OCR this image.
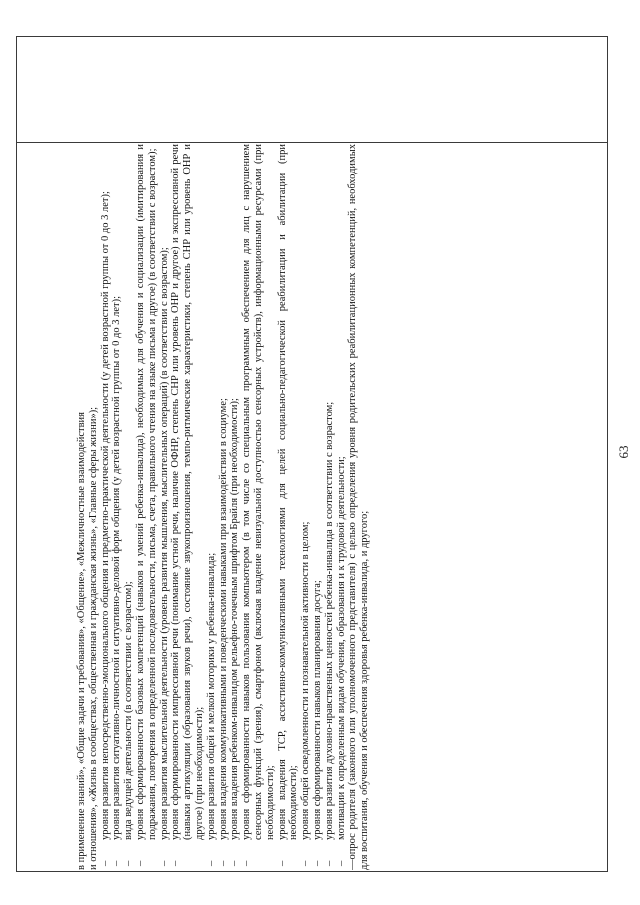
63

в применение знаний», «Общие задачи и требования», «Общение», «Межличностные взаимодействия и отношения», «Жизнь в сообществах, общественная и гражданская жизнь», «Главные сферы жизни»); –
уровня развития непосредственно-эмоционального общения и предметно-практической деятельности (у детей возрастной группы от 0 до 3 лет);
–
уровня развития ситуативно-личностной и ситуативно-деловой форм общения (у детей возрастной группы от 0 до 3 лет);
–
вида ведущей деятельности (в соответствии с возрастом);
–
уровня сформированности базовых компетенций (навыков и умений ребенка-инвалида), необходимых для обучения и социализации (имитирования и подражания, повторения в определенной последовательности, письма, счета, правильного чтения на языке письма и другое) (в соответствии с возрастом);
–
уровня развития мыслительной деятельности (уровень развития мышления, мыслительных операций) (в соответствии с возрастом);
–
уровня сформированности импрессивной речи (понимание устной речи, наличие ОФНР, степень СНР или уровень ОНР и другое) и экспрессивной речи (навыки артикуляции (образования звуков речи), состояние звукопроизношения, темпо-ритмические характеристики, степень СНР или уровень ОНР и другое) (при необходимости);
–
уровня развития общей и мелкой моторики у ребенка-инвалида;
–
уровня владения коммуникативными и поведенческими навыками при взаимодействии в социуме;
–
уровня владения ребенком-инвалидом рельефно-точечным шрифтом Брайля (при необходимости);
–
уровня сформированности навыков пользования компьютером (в том числе со специальным программным обеспечением для лиц с нарушением сенсорных функций (зрения), смартфоном (включая владение невизуальной доступностью сенсорных устройств), информационными ресурсами (при необходимости);
–
уровня владения ТСР, ассистивно-коммуникативными технологиями для целей социально-педагогической реабилитации и абилитации (при необходимости);
–
уровня общей осведомленности и познавательной активности в целом;
–
уровня сформированности навыков планирования досуга;
–
уровня развития духовно-нравственных ценностей ребенка-инвалида в соответствии с возрастом;
–
мотивации к определенным видам обучения, образования и к трудовой деятельности;
—опрос родителя (законного или уполномоченного представителя) с целью определения уровня родительских реабилитационных компетенций, необходимых для воспитания, обучения и обеспечения здоровья ребенка-инвалида, и другого;
